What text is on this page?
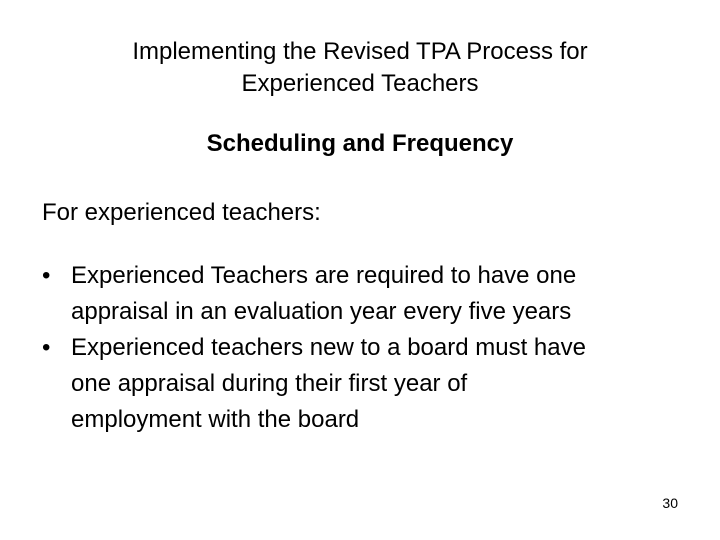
Implementing the Revised TPA Process for
Experienced Teachers
Scheduling and Frequency
For experienced teachers:
• Experienced Teachers are required to have one
appraisal in an evaluation year every five years
• Experienced teachers new to a board must have
one appraisal during their first year of
employment with the board
30
